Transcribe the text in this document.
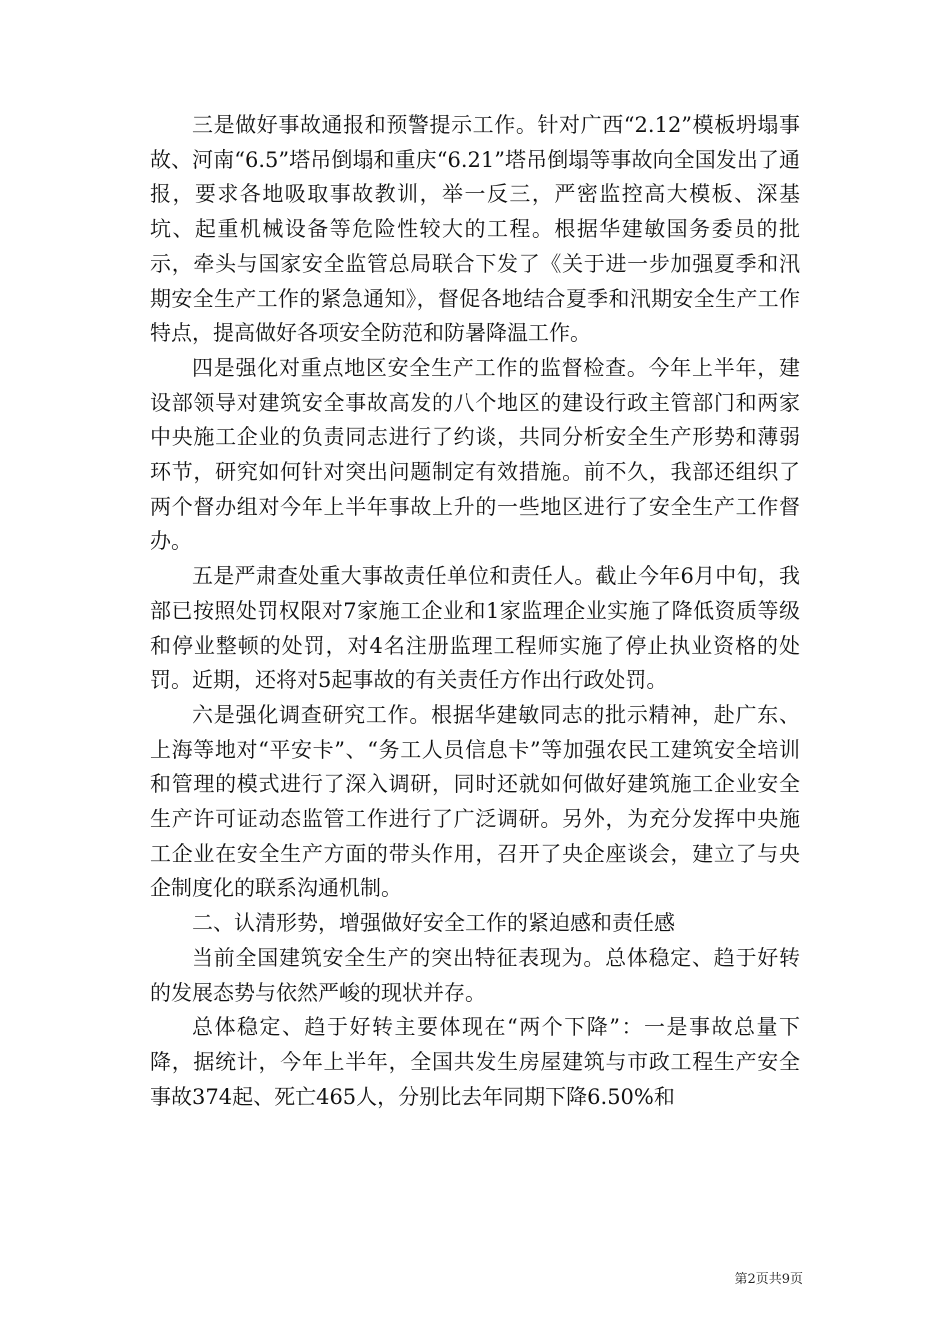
三是做好事故通报和预警提示工作。针对广西“2.12”模板坍塌事故、河南“6.5”塔吊倒塌和重庆“6.21”塔吊倒塌等事故向全国发出了通报，要求各地吸取事故教训，举一反三，严密监控高大模板、深基坑、起重机械设备等危险性较大的工程。根据华建敏国务委员的批示，牵头与国家安全监管总局联合下发了《关于进一步加强夏季和汛期安全生产工作的紧急通知》，督促各地结合夏季和汛期安全生产工作特点，提高做好各项安全防范和防暑降温工作。

四是强化对重点地区安全生产工作的监督检查。今年上半年，建设部领导对建筑安全事故高发的八个地区的建设行政主管部门和两家中央施工企业的负责同志进行了约谈，共同分析安全生产形势和薄弱环节，研究如何针对突出问题制定有效措施。前不久，我部还组织了两个督办组对今年上半年事故上升的一些地区进行了安全生产工作督办。

五是严肃查处重大事故责任单位和责任人。截止今年6月中旬，我部已按照处罚权限对7家施工企业和1家监理企业实施了降低资质等级和停业整顿的处罚，对4名注册监理工程师实施了停止执业资格的处罚。近期，还将对5起事故的有关责任方作出行政处罚。

六是强化调查研究工作。根据华建敏同志的批示精神，赴广东、上海等地对“平安卡”、“务工人员信息卡”等加强农民工建筑安全培训和管理的模式进行了深入调研，同时还就如何做好建筑施工企业安全生产许可证动态监管工作进行了广泛调研。另外，为充分发挥中央施工企业在安全生产方面的带头作用，召开了央企座谈会，建立了与央企制度化的联系沟通机制。

二、认清形势，增强做好安全工作的紧迫感和责任感

当前全国建筑安全生产的突出特征表现为。总体稳定、趋于好转的发展态势与依然严峻的现状并存。

总体稳定、趋于好转主要体现在“两个下降”：一是事故总量下降，据统计，今年上半年，全国共发生房屋建筑与市政工程生产安全事故374起、死亡465人，分别比去年同期下降6.50%和

第2页共9页
